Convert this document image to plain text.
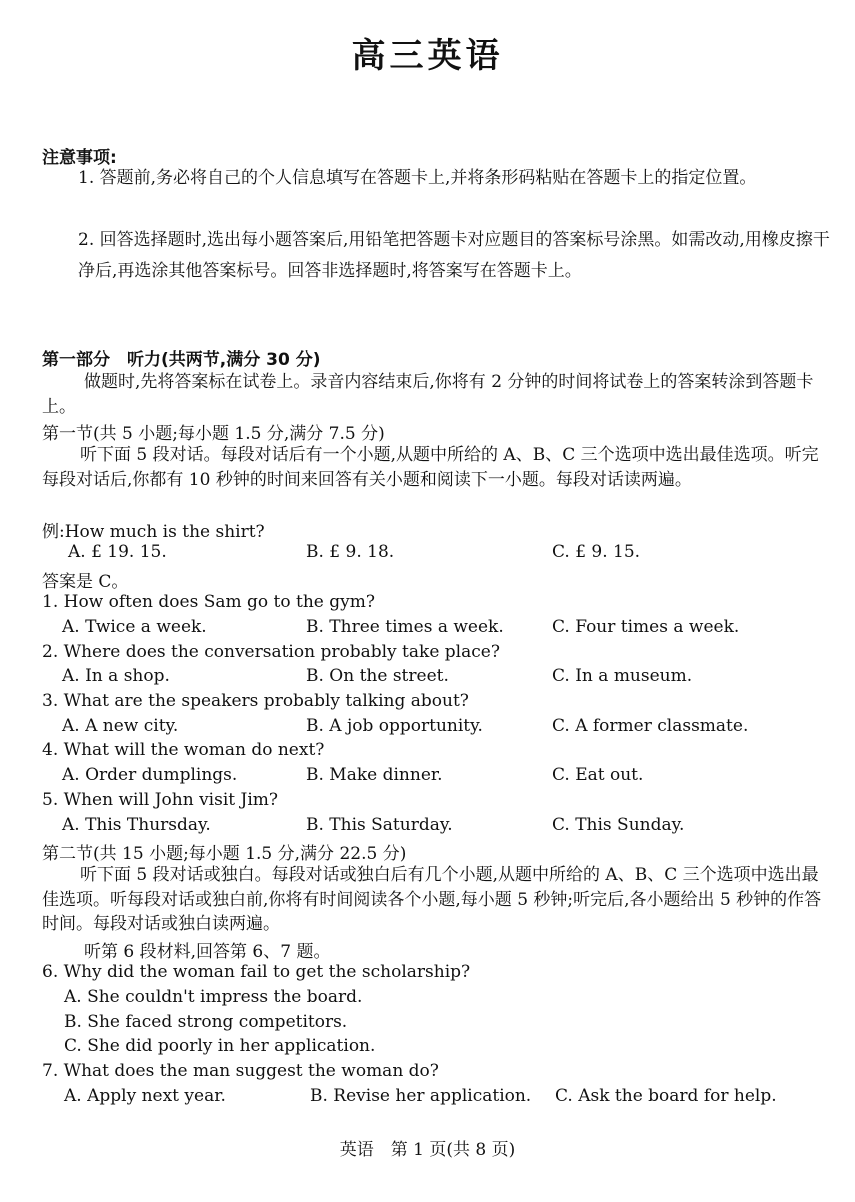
高三英语
注意事项:
1. 答题前,务必将自己的个人信息填写在答题卡上,并将条形码粘贴在答题卡上的指定位置。
2. 回答选择题时,选出每小题答案后,用铅笔把答题卡对应题目的答案标号涂黑。如需改动,用橡皮擦干净后,再选涂其他答案标号。回答非选择题时,将答案写在答题卡上。
第一部分　听力(共两节,满分 30 分)
做题时,先将答案标在试卷上。录音内容结束后,你将有 2 分钟的时间将试卷上的答案转涂到答题卡上。
第一节(共 5 小题;每小题 1.5 分,满分 7.5 分)
听下面 5 段对话。每段对话后有一个小题,从题中所给的 A、B、C 三个选项中选出最佳选项。听完每段对话后,你都有 10 秒钟的时间来回答有关小题和阅读下一小题。每段对话读两遍。
例:How much is the shirt?
A. £ 19. 15.	B. £ 9. 18.	C. £ 9. 15.
答案是 C。
1. How often does Sam go to the gym?
A. Twice a week.	B. Three times a week.	C. Four times a week.
2. Where does the conversation probably take place?
A. In a shop.	B. On the street.	C. In a museum.
3. What are the speakers probably talking about?
A. A new city.	B. A job opportunity.	C. A former classmate.
4. What will the woman do next?
A. Order dumplings.	B. Make dinner.	C. Eat out.
5. When will John visit Jim?
A. This Thursday.	B. This Saturday.	C. This Sunday.
第二节(共 15 小题;每小题 1.5 分,满分 22.5 分)
听下面 5 段对话或独白。每段对话或独白后有几个小题,从题中所给的 A、B、C 三个选项中选出最佳选项。听每段对话或独白前,你将有时间阅读各个小题,每小题 5 秒钟;听完后,各小题给出 5 秒钟的作答时间。每段对话或独白读两遍。
听第 6 段材料,回答第 6、7 题。
6. Why did the woman fail to get the scholarship?
A. She couldn't impress the board.
B. She faced strong competitors.
C. She did poorly in her application.
7. What does the man suggest the woman do?
A. Apply next year.	B. Revise her application. C. Ask the board for help.
英语　第 1 页(共 8 页)
